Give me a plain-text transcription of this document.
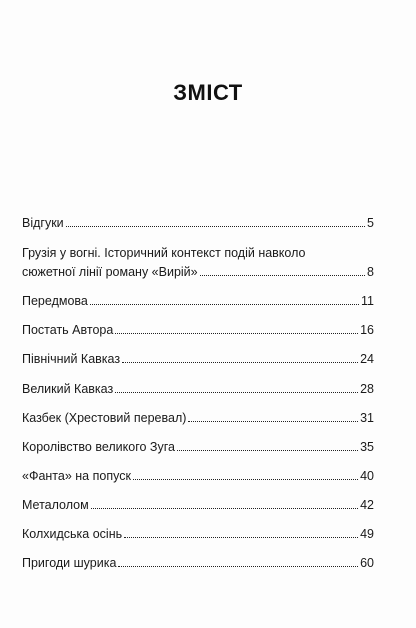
ЗМІСТ
Відгуки	5
Грузія у вогні. Історичний контекст подій навколо
сюжетної лінії роману «Вирій»	8
Передмова	11
Постать Автора	16
Північний Кавказ	24
Великий Кавказ	28
Казбек (Хрестовий перевал)	31
Королівство великого Зуга	35
«Фанта» на попуск	40
Металолом	42
Колхидська осінь	49
Пригоди шурика	60
